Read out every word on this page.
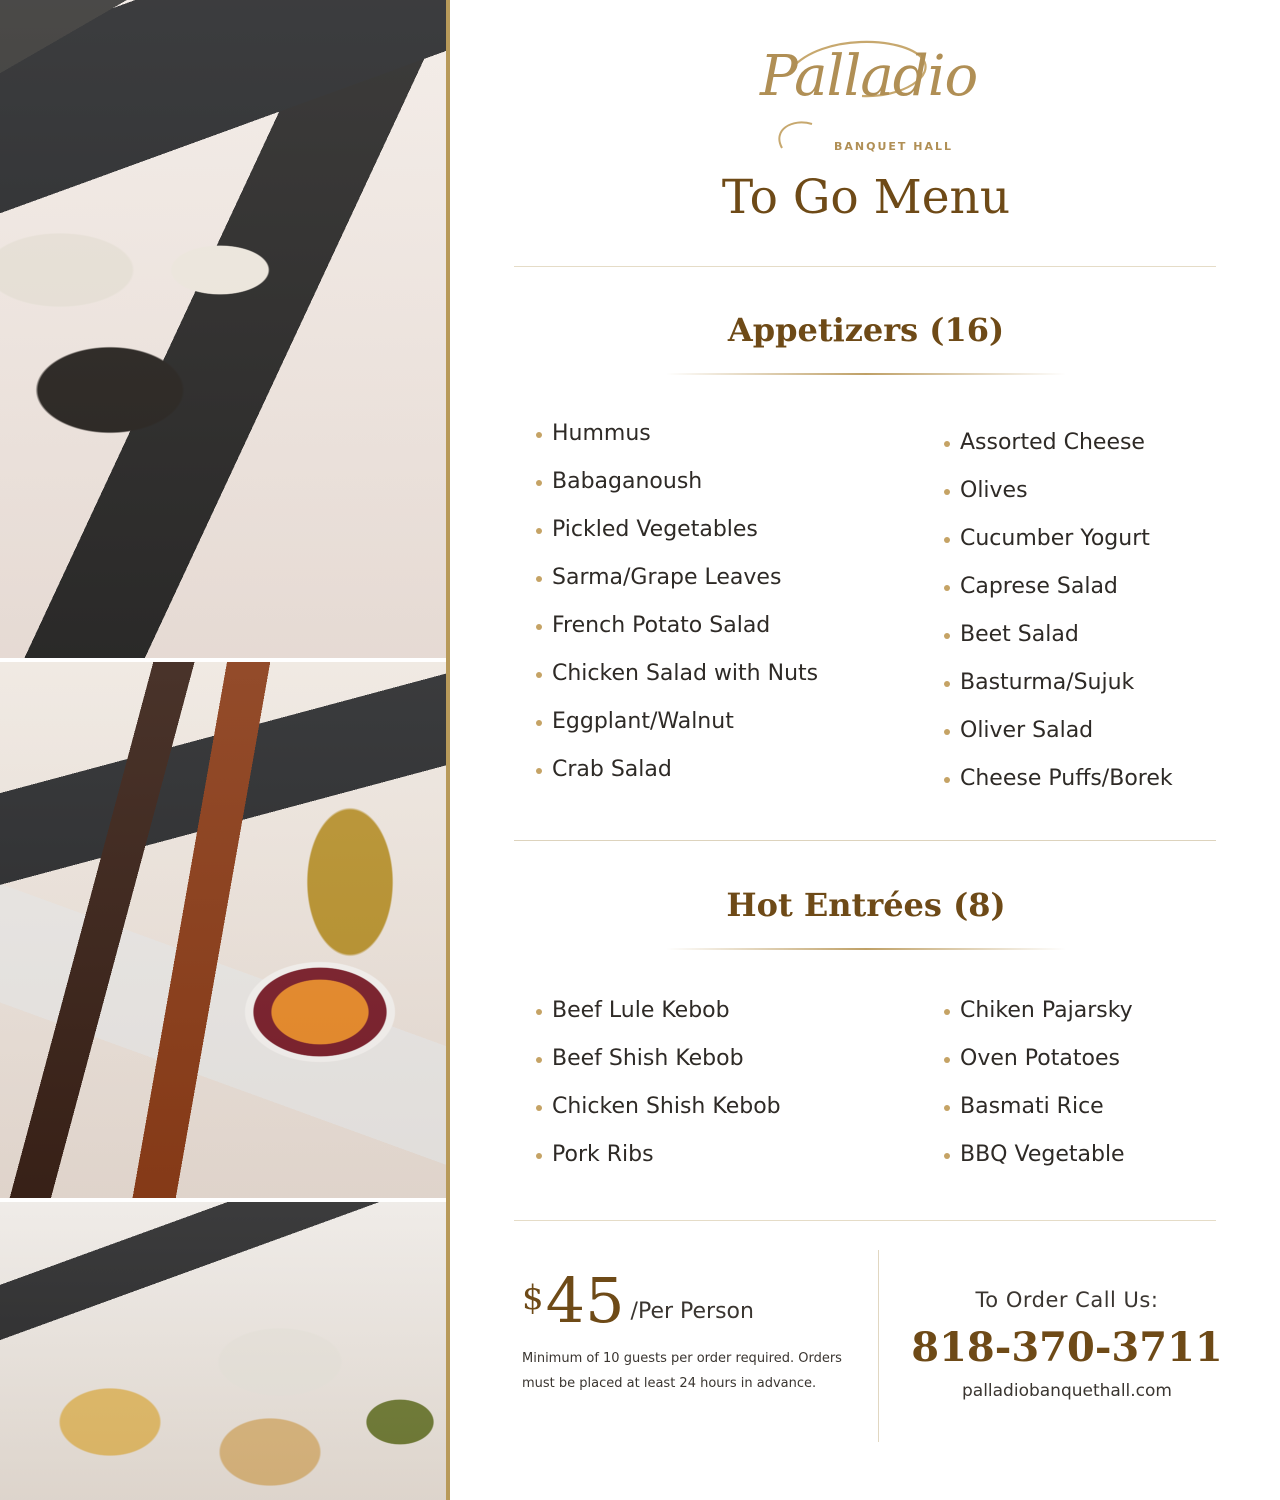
Palladio
BANQUET HALL
To Go Menu
Appetizers (16)
Hummus
Babaganoush
Pickled Vegetables
Sarma/Grape Leaves
French Potato Salad
Chicken Salad with Nuts
Eggplant/Walnut
Crab Salad
Assorted Cheese
Olives
Cucumber Yogurt
Caprese Salad
Beet Salad
Basturma/Sujuk
Oliver Salad
Cheese Puffs/Borek
Hot Entrées (8)
Beef Lule Kebob
Beef Shish Kebob
Chicken Shish Kebob
Pork Ribs
Chiken Pajarsky
Oven Potatoes
Basmati Rice
BBQ Vegetable
$ 45 /Per Person
Minimum of 10 guests per order required. Orders must be placed at least 24 hours in advance.
To Order Call Us:
818-370-3711
palladiobanquethall.com
